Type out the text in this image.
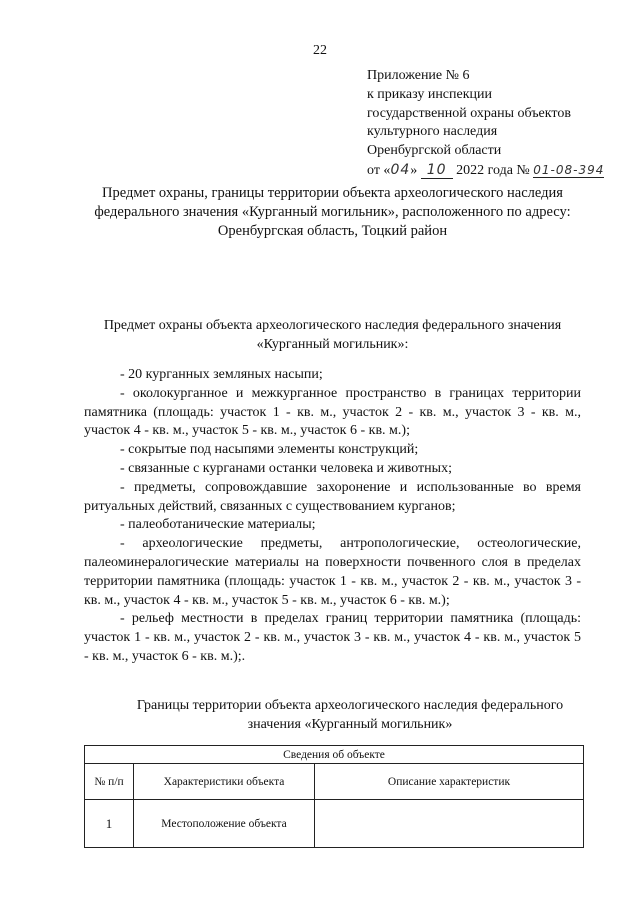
22
Приложение № 6
к приказу инспекции
государственной охраны объектов
культурного наследия
Оренбургской области
от «04» 10 2022 года № 01-08-394
Предмет охраны, границы территории объекта археологического наследия федерального значения «Курганный могильник», расположенного по адресу: Оренбургская область, Тоцкий район
Предмет охраны объекта археологического наследия федерального значения «Курганный могильник»:

- 20 курганных земляных насыпи;

- околокурганное и межкурганное пространство в границах территории памятника (площадь: участок 1 - кв. м., участок 2 - кв. м., участок 3 - кв. м., участок 4 - кв. м., участок 5 - кв. м., участок 6 - кв. м.);

- сокрытые под насыпями элементы конструкций;

- связанные с курганами останки человека и животных;

- предметы, сопровождавшие захоронение и использованные во время ритуальных действий, связанных с существованием курганов;

- палеоботанические материалы;

- археологические предметы, антропологические, остеологические, палеоминералогические материалы на поверхности почвенного слоя в пределах территории памятника (площадь: участок 1 - кв. м., участок 2 - кв. м., участок 3 - кв. м., участок 4 - кв. м., участок 5 - кв. м., участок 6 - кв. м.);

- рельеф местности в пределах границ территории памятника (площадь: участок 1 - кв. м., участок 2 - кв. м., участок 3 - кв. м., участок 4 - кв. м., участок 5 - кв. м., участок 6 - кв. м.);.

Границы территории объекта археологического наследия федерального значения «Курганный могильник»
Сведения об объекте		
№ п/п	Характеристики объекта	Описание характеристик
1	Местоположение объекта	
